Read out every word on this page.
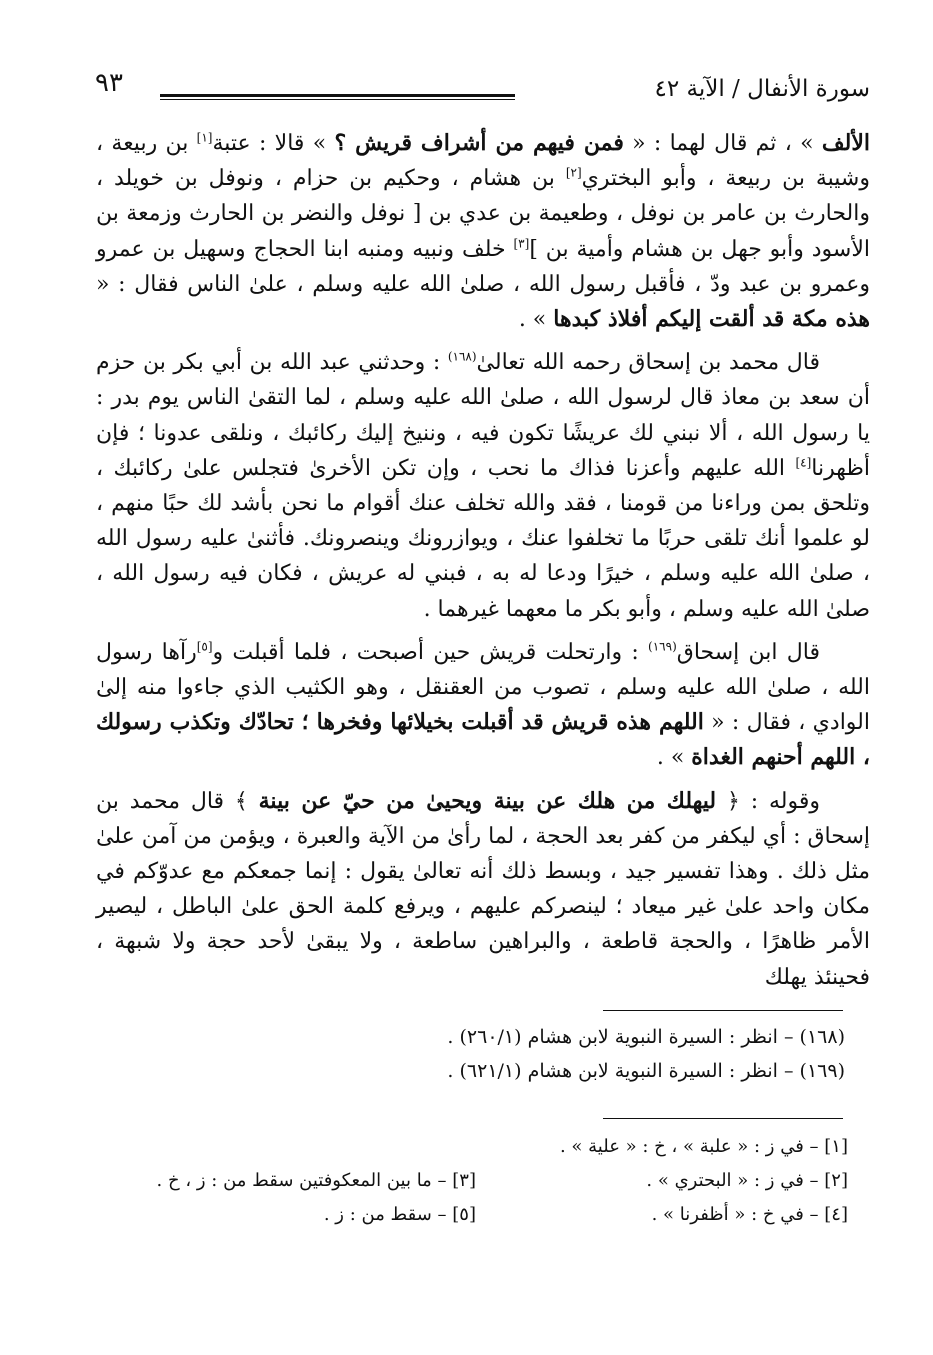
سورة الأنفال / الآية ٤٢
٩٣

الألف » ، ثم قال لهما : « فمن فيهم من أشراف قريش ؟ » قالا : عتبة[١] بن ربيعة ، وشيبة بن ربيعة ، وأبو البختري[٢] بن هشام ، وحكيم بن حزام ، ونوفل بن خويلد ، والحارث بن عامر بن نوفل ، وطعيمة بن عدي بن [ نوفل والنضر بن الحارث وزمعة بن الأسود وأبو جهل بن هشام وأمية بن ][٣] خلف ونبيه ومنبه ابنا الحجاج وسهيل بن عمرو وعمرو بن عبد ودّ ، فأقبل رسول الله ، صلىٰ الله عليه وسلم ، علىٰ الناس فقال : « هذه مكة قد ألقت إليكم أفلاذ كبدها » .

قال محمد بن إسحاق رحمه الله تعالىٰ$^{(١٦٨)}$ : وحدثني عبد الله بن أبي بكر بن حزم أن سعد بن معاذ قال لرسول الله ، صلىٰ الله عليه وسلم ، لما التقىٰ الناس يوم بدر : يا رسول الله ، ألا نبني لك عريشًا تكون فيه ، وننيخ إليك ركائبك ، ونلقى عدونا ؛ فإن أظهرنا[٤] الله عليهم وأعزنا فذاك ما نحب ، وإن تكن الأخرىٰ فتجلس علىٰ ركائبك ، وتلحق بمن وراءنا من قومنا ، فقد والله تخلف عنك أقوام ما نحن بأشد لك حبًا منهم ، لو علموا أنك تلقى حربًا ما تخلفوا عنك ، ويوازرونك وينصرونك. فأثنىٰ عليه رسول الله ، صلىٰ الله عليه وسلم ، خيرًا ودعا له به ، فبني له عريش ، فكان فيه رسول الله ، صلىٰ الله عليه وسلم ، وأبو بكر ما معهما غيرهما .

قال ابن إسحاق$^{(١٦٩)}$ : وارتحلت قريش حين أصبحت ، فلما أقبلت و[٥]رآها رسول الله ، صلىٰ الله عليه وسلم ، تصوب من العقنقل ، وهو الكثيب الذي جاءوا منه إلىٰ الوادي ، فقال : « اللهم هذه قريش قد أقبلت بخيلائها وفخرها ؛ تحادّك وتكذب رسولك ، اللهم أحنهم الغداة » .

وقوله : ﴿ ليهلك من هلك عن بينة ويحيىٰ من حيّ عن بينة ﴾ قال محمد بن إسحاق : أي ليكفر من كفر بعد الحجة ، لما رأىٰ من الآية والعبرة ، ويؤمن من آمن علىٰ مثل ذلك . وهذا تفسير جيد ، وبسط ذلك أنه تعالىٰ يقول : إنما جمعكم مع عدوّكم في مكان واحد علىٰ غير ميعاد ؛ لينصركم عليهم ، ويرفع كلمة الحق علىٰ الباطل ، ليصير الأمر ظاهرًا ، والحجة قاطعة ، والبراهين ساطعة ، ولا يبقىٰ لأحد حجة ولا شبهة ، فحينئذ يهلك

(١٦٨) – انظر : السيرة النبوية لابن هشام (٢٦٠/١) .
(١٦٩) – انظر : السيرة النبوية لابن هشام (٦٢١/١) .
[١] – في ز : « علبة » ، خ : « علية » .
[٢] – في ز : « البحتري » .
[٤] – في خ : « أظفرنا » .
[٣] – ما بين المعكوفتين سقط من : ز ، خ .
[٥] – سقط من : ز .
